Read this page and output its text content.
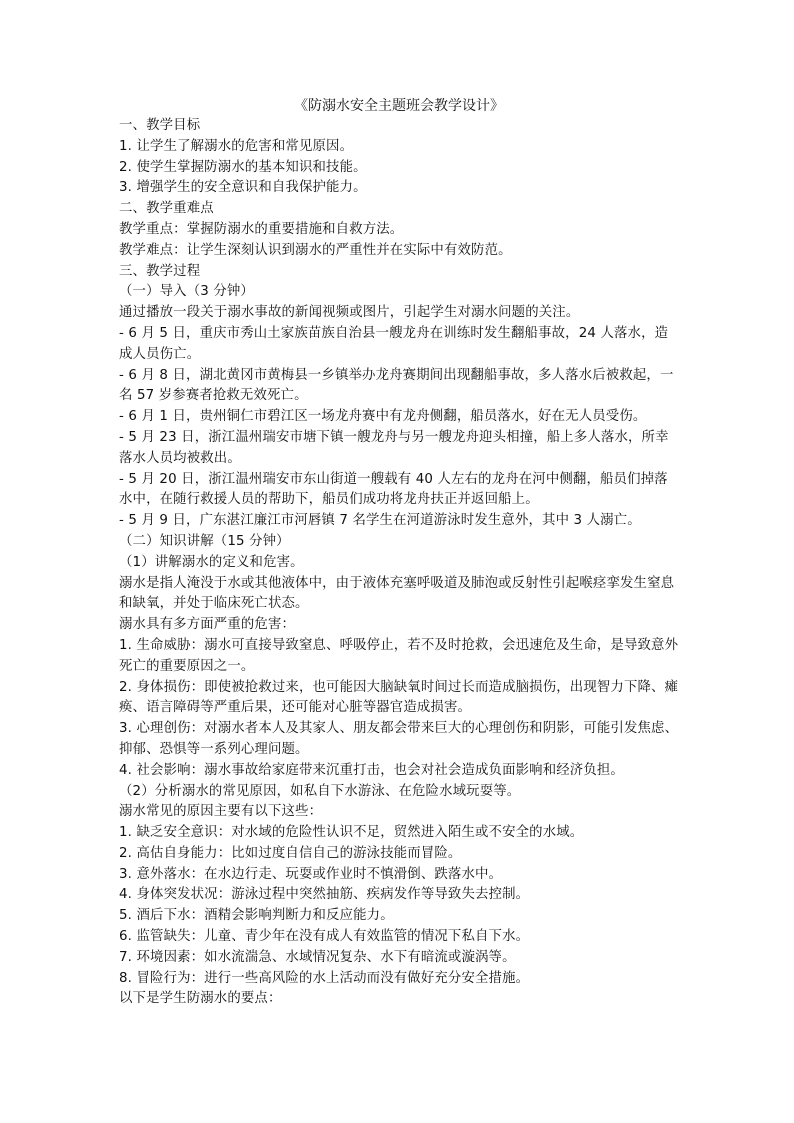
《防溺水安全主题班会教学设计》

一、教学目标

1. 让学生了解溺水的危害和常见原因。

2. 使学生掌握防溺水的基本知识和技能。

3. 增强学生的安全意识和自我保护能力。

二、教学重难点

教学重点：掌握防溺水的重要措施和自救方法。

教学难点：让学生深刻认识到溺水的严重性并在实际中有效防范。

三、教学过程

（一）导入（3 分钟）

通过播放一段关于溺水事故的新闻视频或图片，引起学生对溺水问题的关注。

- 6 月 5 日，重庆市秀山土家族苗族自治县一艘龙舟在训练时发生翻船事故，24 人落水，造成人员伤亡。

- 6 月 8 日，湖北黄冈市黄梅县一乡镇举办龙舟赛期间出现翻船事故，多人落水后被救起，一名 57 岁参赛者抢救无效死亡。

- 6 月 1 日，贵州铜仁市碧江区一场龙舟赛中有龙舟侧翻，船员落水，好在无人员受伤。

- 5 月 23 日，浙江温州瑞安市塘下镇一艘龙舟与另一艘龙舟迎头相撞，船上多人落水，所幸落水人员均被救出。

- 5 月 20 日，浙江温州瑞安市东山街道一艘载有 40 人左右的龙舟在河中侧翻，船员们掉落水中，在随行救援人员的帮助下，船员们成功将龙舟扶正并返回船上。

- 5 月 9 日，广东湛江廉江市河唇镇 7 名学生在河道游泳时发生意外，其中 3 人溺亡。

（二）知识讲解（15 分钟）

（1）讲解溺水的定义和危害。

溺水是指人淹没于水或其他液体中，由于液体充塞呼吸道及肺泡或反射性引起喉痉挛发生窒息和缺氧，并处于临床死亡状态。

溺水具有多方面严重的危害：

1. 生命威胁：溺水可直接导致窒息、呼吸停止，若不及时抢救，会迅速危及生命，是导致意外死亡的重要原因之一。

2. 身体损伤：即使被抢救过来，也可能因大脑缺氧时间过长而造成脑损伤，出现智力下降、瘫痪、语言障碍等严重后果，还可能对心脏等器官造成损害。

3. 心理创伤：对溺水者本人及其家人、朋友都会带来巨大的心理创伤和阴影，可能引发焦虑、抑郁、恐惧等一系列心理问题。

4. 社会影响：溺水事故给家庭带来沉重打击，也会对社会造成负面影响和经济负担。

（2）分析溺水的常见原因，如私自下水游泳、在危险水域玩耍等。

溺水常见的原因主要有以下这些：

1. 缺乏安全意识：对水域的危险性认识不足，贸然进入陌生或不安全的水域。

2. 高估自身能力：比如过度自信自己的游泳技能而冒险。

3. 意外落水：在水边行走、玩耍或作业时不慎滑倒、跌落水中。

4. 身体突发状况：游泳过程中突然抽筋、疾病发作等导致失去控制。

5. 酒后下水：酒精会影响判断力和反应能力。

6. 监管缺失：儿童、青少年在没有成人有效监管的情况下私自下水。

7. 环境因素：如水流湍急、水域情况复杂、水下有暗流或漩涡等。

8. 冒险行为：进行一些高风险的水上活动而没有做好充分安全措施。

以下是学生防溺水的要点：
